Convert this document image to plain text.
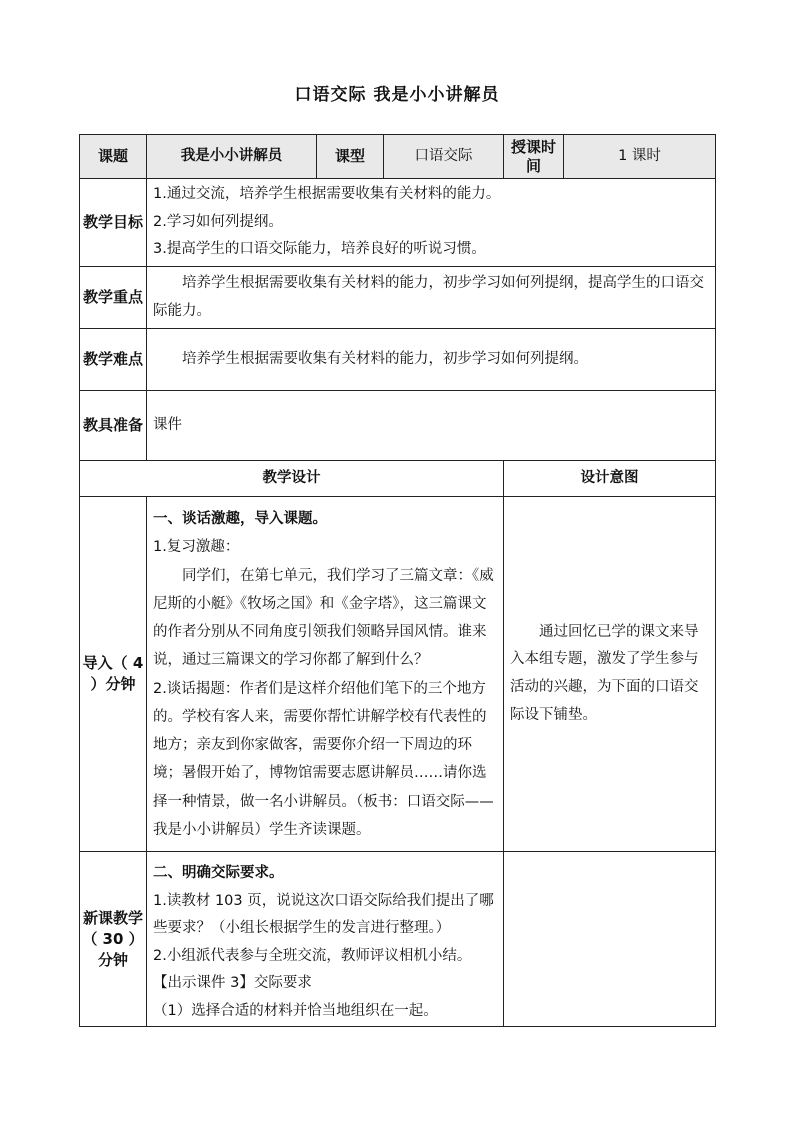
口语交际 我是小小讲解员
课题	我是小小讲解员	课型	口语交际	授课时间	1 课时
教学目标	1.通过交流，培养学生根据需要收集有关材料的能力。

2.学习如何列提纲。

3.提高学生的口语交际能力，培养良好的听说习惯。				

教学重点	培养学生根据需要收集有关材料的能力，初步学习如何列提纲，提高学生的口语交际能力。				

教学难点	培养学生根据需要收集有关材料的能力，初步学习如何列提纲。				

教具准备	课件				
教学设计				设计意图	
导入（ 4 ）分钟	一、谈话激趣，导入课题。

1.复习激趣：

同学们，在第七单元，我们学习了三篇文章：《威尼斯的小艇》《牧场之国》和《金字塔》，这三篇课文的作者分别从不同角度引领我们领略异国风情。谁来说，通过三篇课文的学习你都了解到什么？

2.谈话揭题：作者们是这样介绍他们笔下的三个地方的。学校有客人来，需要你帮忙讲解学校有代表性的地方；亲友到你家做客，需要你介绍一下周边的环境；暑假开始了，博物馆需要志愿讲解员……请你选择一种情景，做一名小讲解员。（板书：口语交际——我是小小讲解员）学生齐读课题。			通过回忆已学的课文来导入本组专题，激发了学生参与活动的兴趣，为下面的口语交际设下铺垫。	

新课教学（ 30 ）分钟	二、明确交际要求。

1.读教材 103 页，说说这次口语交际给我们提出了哪些要求？（小组长根据学生的发言进行整理。）

2.小组派代表参与全班交流，教师评议相机小结。

【出示课件 3】交际要求

（1）选择合适的材料并恰当地组织在一起。				
